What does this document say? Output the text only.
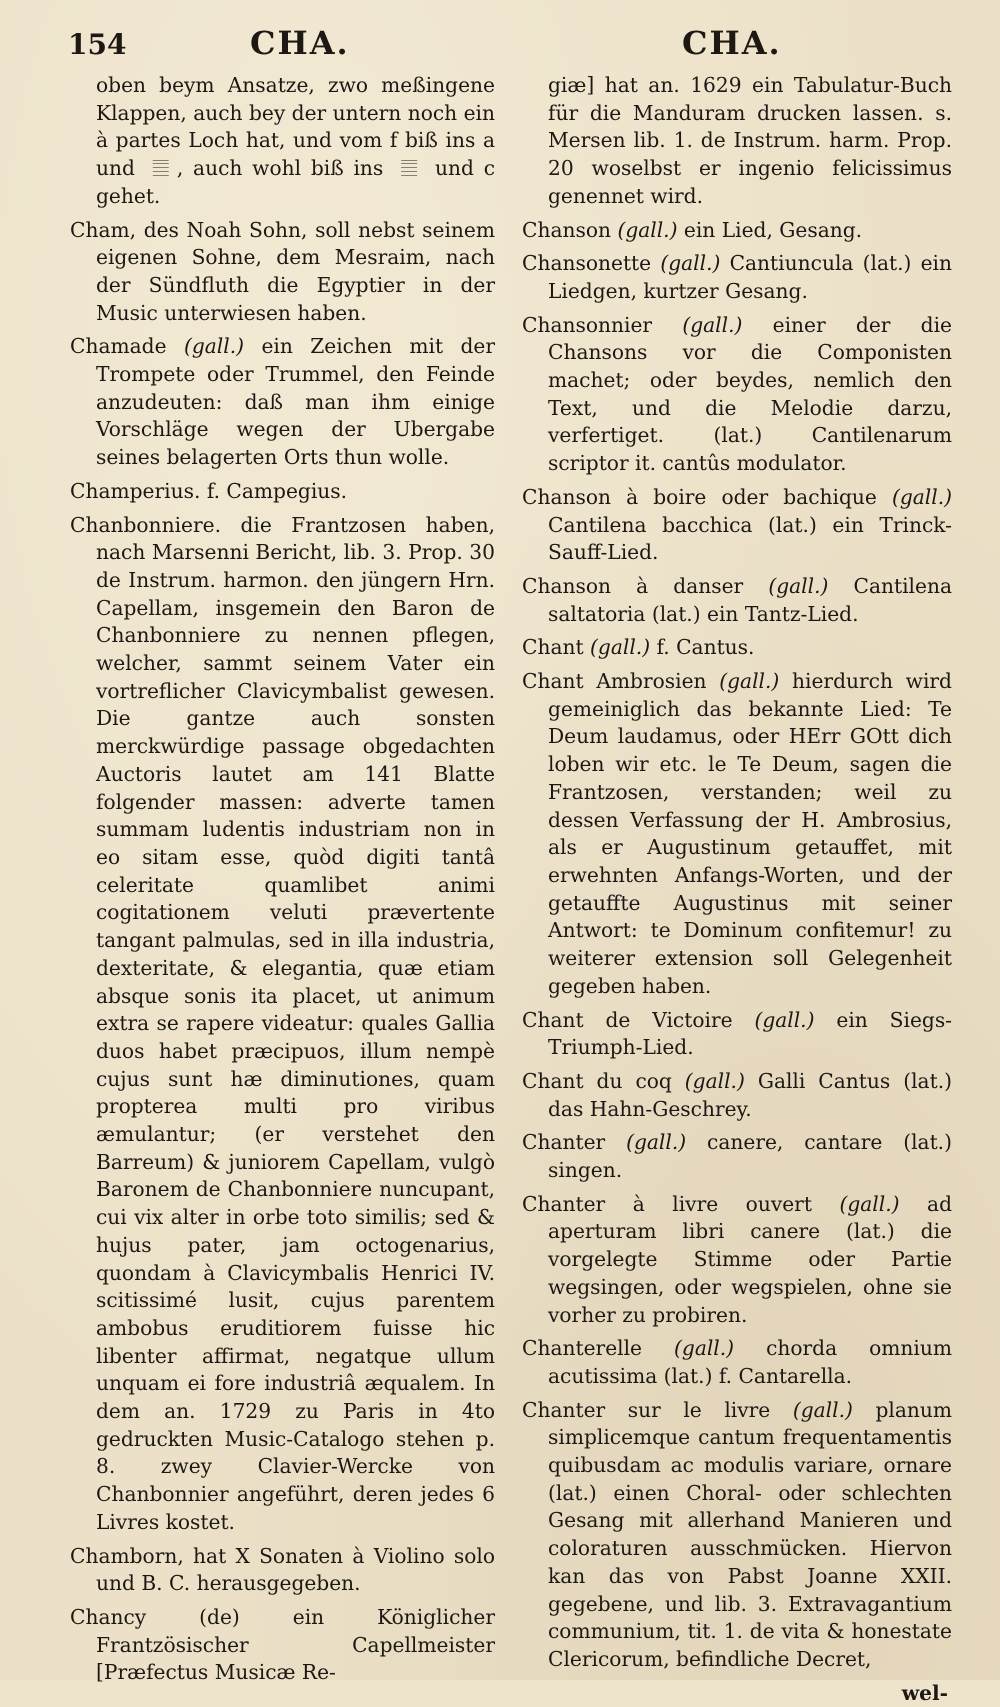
154	CHA.	CHA.

oben beym Ansatze, zwo meßingene Klappen, auch bey der untern noch ein à partes Loch hat, und vom f biß ins a und 𝄚 , auch wohl biß ins 𝄚 und c gehet.

Cham, des Noah Sohn, soll nebst seinem eigenen Sohne, dem Mesraim, nach der Sündfluth die Egyptier in der Music unterwiesen haben.

Chamade (gall.) ein Zeichen mit der Trompete oder Trummel, den Feinde anzudeuten: daß man ihm einige Vorschläge wegen der Ubergabe seines belagerten Orts thun wolle.

Champerius. f. Campegius.

Chanbonniere. die Frantzosen haben, nach Marsenni Bericht, lib. 3. Prop. 30 de Instrum. harmon. den jüngern Hrn. Capellam, insgemein den Baron de Chanbonniere zu nennen pflegen, welcher, sammt seinem Vater ein vortreflicher Clavicymbalist gewesen. Die gantze auch sonsten merckwürdige passage obgedachten Auctoris lautet am 141 Blatte folgender massen: adverte tamen summam ludentis industriam non in eo sitam esse, quòd digiti tantâ celeritate quamlibet animi cogitationem veluti prævertente tangant palmulas, sed in illa industria, dexteritate, & elegantia, quæ etiam absque sonis ita placet, ut animum extra se rapere videatur: quales Gallia duos habet præcipuos, illum nempè cujus sunt hæ diminutiones, quam propterea multi pro viribus æmulantur; (er verstehet den Barreum) & juniorem Capellam, vulgò Baronem de Chanbonniere nuncupant, cui vix alter in orbe toto similis; sed & hujus pater, jam octogenarius, quondam à Clavicymbalis Henrici IV. scitissimé lusit, cujus parentem ambobus eruditiorem fuisse hic libenter affirmat, negatque ullum unquam ei fore industriâ æqualem. In dem an. 1729 zu Paris in 4to gedruckten Music-Catalogo stehen p. 8. zwey Clavier-Wercke von Chanbonnier angeführt, deren jedes 6 Livres kostet.

Chamborn, hat X Sonaten à Violino solo und B. C. herausgegeben.

Chancy (de)	ein Königlicher Frantzösischer Capellmeister [Præfectus Musicæ Re-

giæ] hat an. 1629 ein Tabulatur-Buch für die Manduram drucken lassen. s. Mersen lib. 1. de Instrum. harm. Prop. 20 woselbst er ingenio felicissimus genennet wird.

Chanson (gall.) ein Lied, Gesang.

Chansonette (gall.) Cantiuncula (lat.) ein Liedgen, kurtzer Gesang.

Chansonnier (gall.) einer der die Chansons vor die Componisten machet; oder beydes, nemlich den Text, und die Melodie darzu, verfertiget. (lat.) Cantilenarum scriptor it. cantûs modulator.

Chanson à boire oder bachique (gall.) Cantilena bacchica (lat.) ein Trinck-Sauff-Lied.

Chanson à danser (gall.) Cantilena saltatoria (lat.) ein Tantz-Lied.

Chant (gall.) f. Cantus.

Chant Ambrosien (gall.) hierdurch wird gemeiniglich das bekannte Lied: Te Deum laudamus, oder HErr GOtt dich loben wir etc. le Te Deum, sagen die Frantzosen, verstanden; weil zu dessen Verfassung der H. Ambrosius, als er Augustinum getauffet, mit erwehnten Anfangs-Worten, und der getauffte Augustinus mit seiner Antwort: te Dominum confitemur! zu weiterer extension soll Gelegenheit gegeben haben.

Chant de Victoire (gall.) ein Siegs-Triumph-Lied.

Chant du coq (gall.) Galli Cantus (lat.) das Hahn-Geschrey.

Chanter (gall.) canere, cantare (lat.) singen.

Chanter à livre ouvert (gall.) ad aperturam libri canere (lat.) die vorgelegte Stimme oder Partie wegsingen, oder wegspielen, ohne sie vorher zu probiren.

Chanterelle (gall.) chorda omnium acutissima (lat.) f. Cantarella.

Chanter sur le livre (gall.) planum simplicemque cantum frequentamentis quibusdam ac modulis variare, ornare (lat.) einen Choral- oder schlechten Gesang mit allerhand Manieren und coloraturen ausschmücken. Hiervon kan das von Pabst Joanne XXII. gegebene, und lib. 3. Extravagantium communium, tit. 1. de vita & honestate Clericorum, befindliche Decret,

wel-
